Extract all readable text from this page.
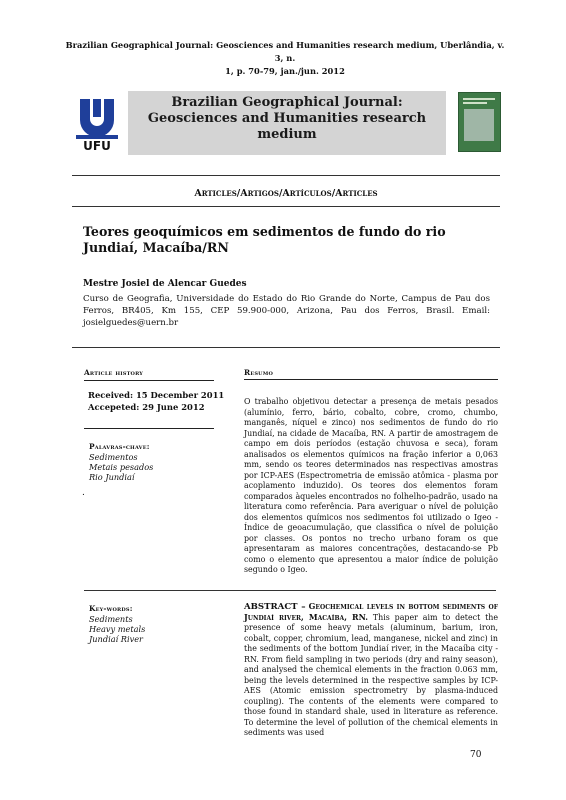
Brazilian Geographical Journal: Geosciences and Humanities research medium, Uberlândia, v. 3, n.
1, p. 70-79, jan./jun. 2012
UFU
Brazilian Geographical Journal:
Geosciences and Humanities research
medium
Articles/Artigos/Artículos/Articles
Teores geoquímicos em sedimentos de fundo do rio Jundiaí, Macaíba/RN
Mestre Josiel de Alencar Guedes
Curso de Geografia, Universidade do Estado do Rio Grande do Norte, Campus de Pau dos Ferros, BR405, Km 155, CEP 59.900-000, Arizona, Pau dos Ferros, Brasil. Email: josielguedes@uern.br
Article history
Received: 15 December 2011
Accepeted: 29 June 2012
Palavras-chave:
Sedimentos
Metais pesados
Rio Jundiaí
.
Resumo
O trabalho objetivou detectar a presença de metais pesados (alumínio, ferro, bário, cobalto, cobre, cromo, chumbo, manganês, níquel e zinco) nos sedimentos de fundo do rio Jundiaí, na cidade de Macaíba, RN. A partir de amostragem de campo em dois períodos (estação chuvosa e seca), foram analisados os elementos químicos na fração inferior a 0,063 mm, sendo os teores determinados nas respectivas amostras por ICP-AES (Espectrometria de emissão atômica - plasma por acoplamento induzido). Os teores dos elementos foram comparados àqueles encontrados no folhelho-padrão, usado na literatura como referência. Para averiguar o nível de poluição dos elementos químicos nos sedimentos foi utilizado o Igeo - Índice de geoacumulação, que classifica o nível de poluição por classes. Os pontos no trecho urbano foram os que apresentaram as maiores concentrações, destacando-se Pb como o elemento que apresentou a maior índice de poluição segundo o Igeo.
Key-words:
Sediments
Heavy metals
Jundiaí River
ABSTRACT – Geochemical levels in bottom sediments of Jundiaí river, Macaíba, RN. This paper aim to detect the presence of some heavy metals (aluminum, barium, iron, cobalt, copper, chromium, lead, manganese, nickel and zinc) in the sediments of the bottom Jundiaí river, in the Macaíba city -RN. From field sampling in two periods (dry and rainy season), and analysed the chemical elements in the fraction 0.063 mm, being the levels determined in the respective samples by ICP-AES (Atomic emission spectrometry by plasma-induced coupling). The contents of the elements were compared to those found in standard shale, used in literature as reference. To determine the level of pollution of the chemical elements in sediments was used
70
